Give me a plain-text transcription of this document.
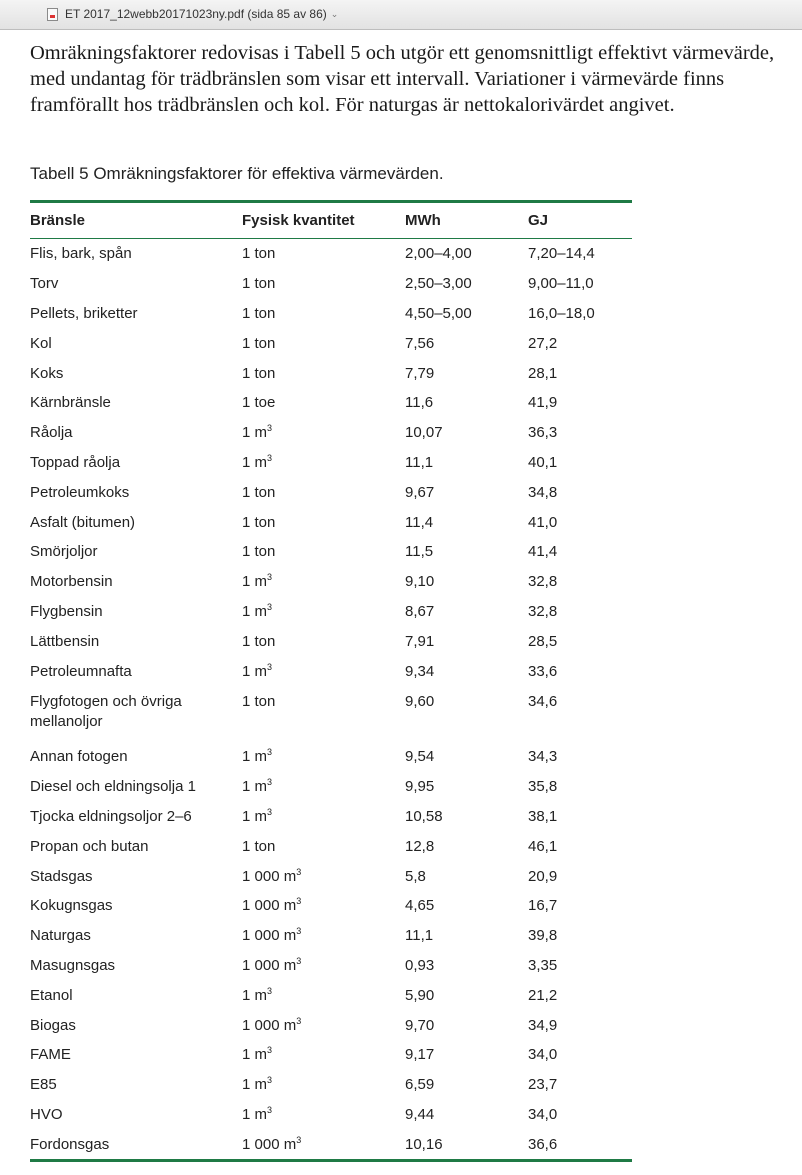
ET 2017_12webb20171023ny.pdf (sida 85 av 86) ⌄

Omräkningsfaktorer redovisas i Tabell 5 och utgör ett genomsnittligt effektivt värmevärde, med undantag för trädbränslen som visar ett intervall. Variationer i värmevärde finns framförallt hos trädbränslen och kol. För naturgas är nettokalorivärdet angivet.

Tabell 5 Omräkningsfaktorer för effektiva värmevärden.

Bränsle	Fysisk kvantitet	MWh	GJ
Flis, bark, spån	1 ton	2,00–4,00	7,20–14,4
Torv	1 ton	2,50–3,00	9,00–11,0
Pellets, briketter	1 ton	4,50–5,00	16,0–18,0
Kol	1 ton	7,56	27,2
Koks	1 ton	7,79	28,1
Kärnbränsle	1 toe	11,6	41,9
Råolja	1 $m^3$	10,07	36,3
Toppad råolja	1 $m^3$	11,1	40,1
Petroleumkoks	1 ton	9,67	34,8
Asfalt (bitumen)	1 ton	11,4	41,0
Smörjoljor	1 ton	11,5	41,4
Motorbensin	1 $m^3$	9,10	32,8
Flygbensin	1 $m^3$	8,67	32,8
Lättbensin	1 ton	7,91	28,5
Petroleumnafta	1 $m^3$	9,34	33,6
Flygfotogen och övriga mellanoljor	1 ton	9,60	34,6
Annan fotogen	1 $m^3$	9,54	34,3
Diesel och eldningsolja 1	1 $m^3$	9,95	35,8
Tjocka eldningsoljor 2–6	1 $m^3$	10,58	38,1
Propan och butan	1 ton	12,8	46,1
Stadsgas	1 000 $m^3$	5,8	20,9
Kokugnsgas	1 000 $m^3$	4,65	16,7
Naturgas	1 000 $m^3$	11,1	39,8
Masugnsgas	1 000 $m^3$	0,93	3,35
Etanol	1 $m^3$	5,90	21,2
Biogas	1 000 $m^3$	9,70	34,9
FAME	1 $m^3$	9,17	34,0
E85	1 $m^3$	6,59	23,7
HVO	1 $m^3$	9,44	34,0
Fordonsgas	1 000 $m^3$	10,16	36,6
